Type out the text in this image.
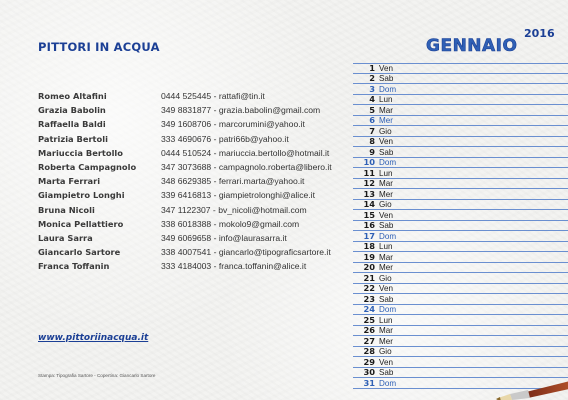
PITTORI IN ACQUA
Romeo Altafini	0444 525445 - rattafi@tin.it
Grazia Babolin	349 8831877 - grazia.babolin@gmail.com
Raffaella Baldi	349 1608706 - marcorumini@yahoo.it
Patrizia Bertoli	333 4690676 - patri66b@yahoo.it
Mariuccia Bertollo	0444 510524 - mariuccia.bertollo@hotmail.it
Roberta Campagnolo	347 3073688 - campagnolo.roberta@libero.it
Marta Ferrari	348 6629385 - ferrari.marta@yahoo.it
Giampietro Longhi	339 6416813 - giampietrolonghi@alice.it
Bruna Nicoli	347 1122307 - bv_nicoli@hotmail.com
Monica Pellattiero	338 6018388 - mokolo9@gmail.com
Laura Sarra	349 6069658 - info@laurasarra.it
Giancarlo Sartore	338 4007541 - giancarlo@tipograficsartore.it
Franca Toffanin	333 4184003 - franca.toffanin@alice.it
www.pittoriinacqua.it
Stampa: Tipografia Sartore - Copertina: Giancarlo Sartore
2016
GENNAIO
1 Ven
2 Sab
3 Dom
4 Lun
5 Mar
6 Mer
7 Gio
8 Ven
9 Sab
10 Dom
11 Lun
12 Mar
13 Mer
14 Gio
15 Ven
16 Sab
17 Dom
18 Lun
19 Mar
20 Mer
21 Gio
22 Ven
23 Sab
24 Dom
25 Lun
26 Mar
27 Mer
28 Gio
29 Ven
30 Sab
31 Dom
